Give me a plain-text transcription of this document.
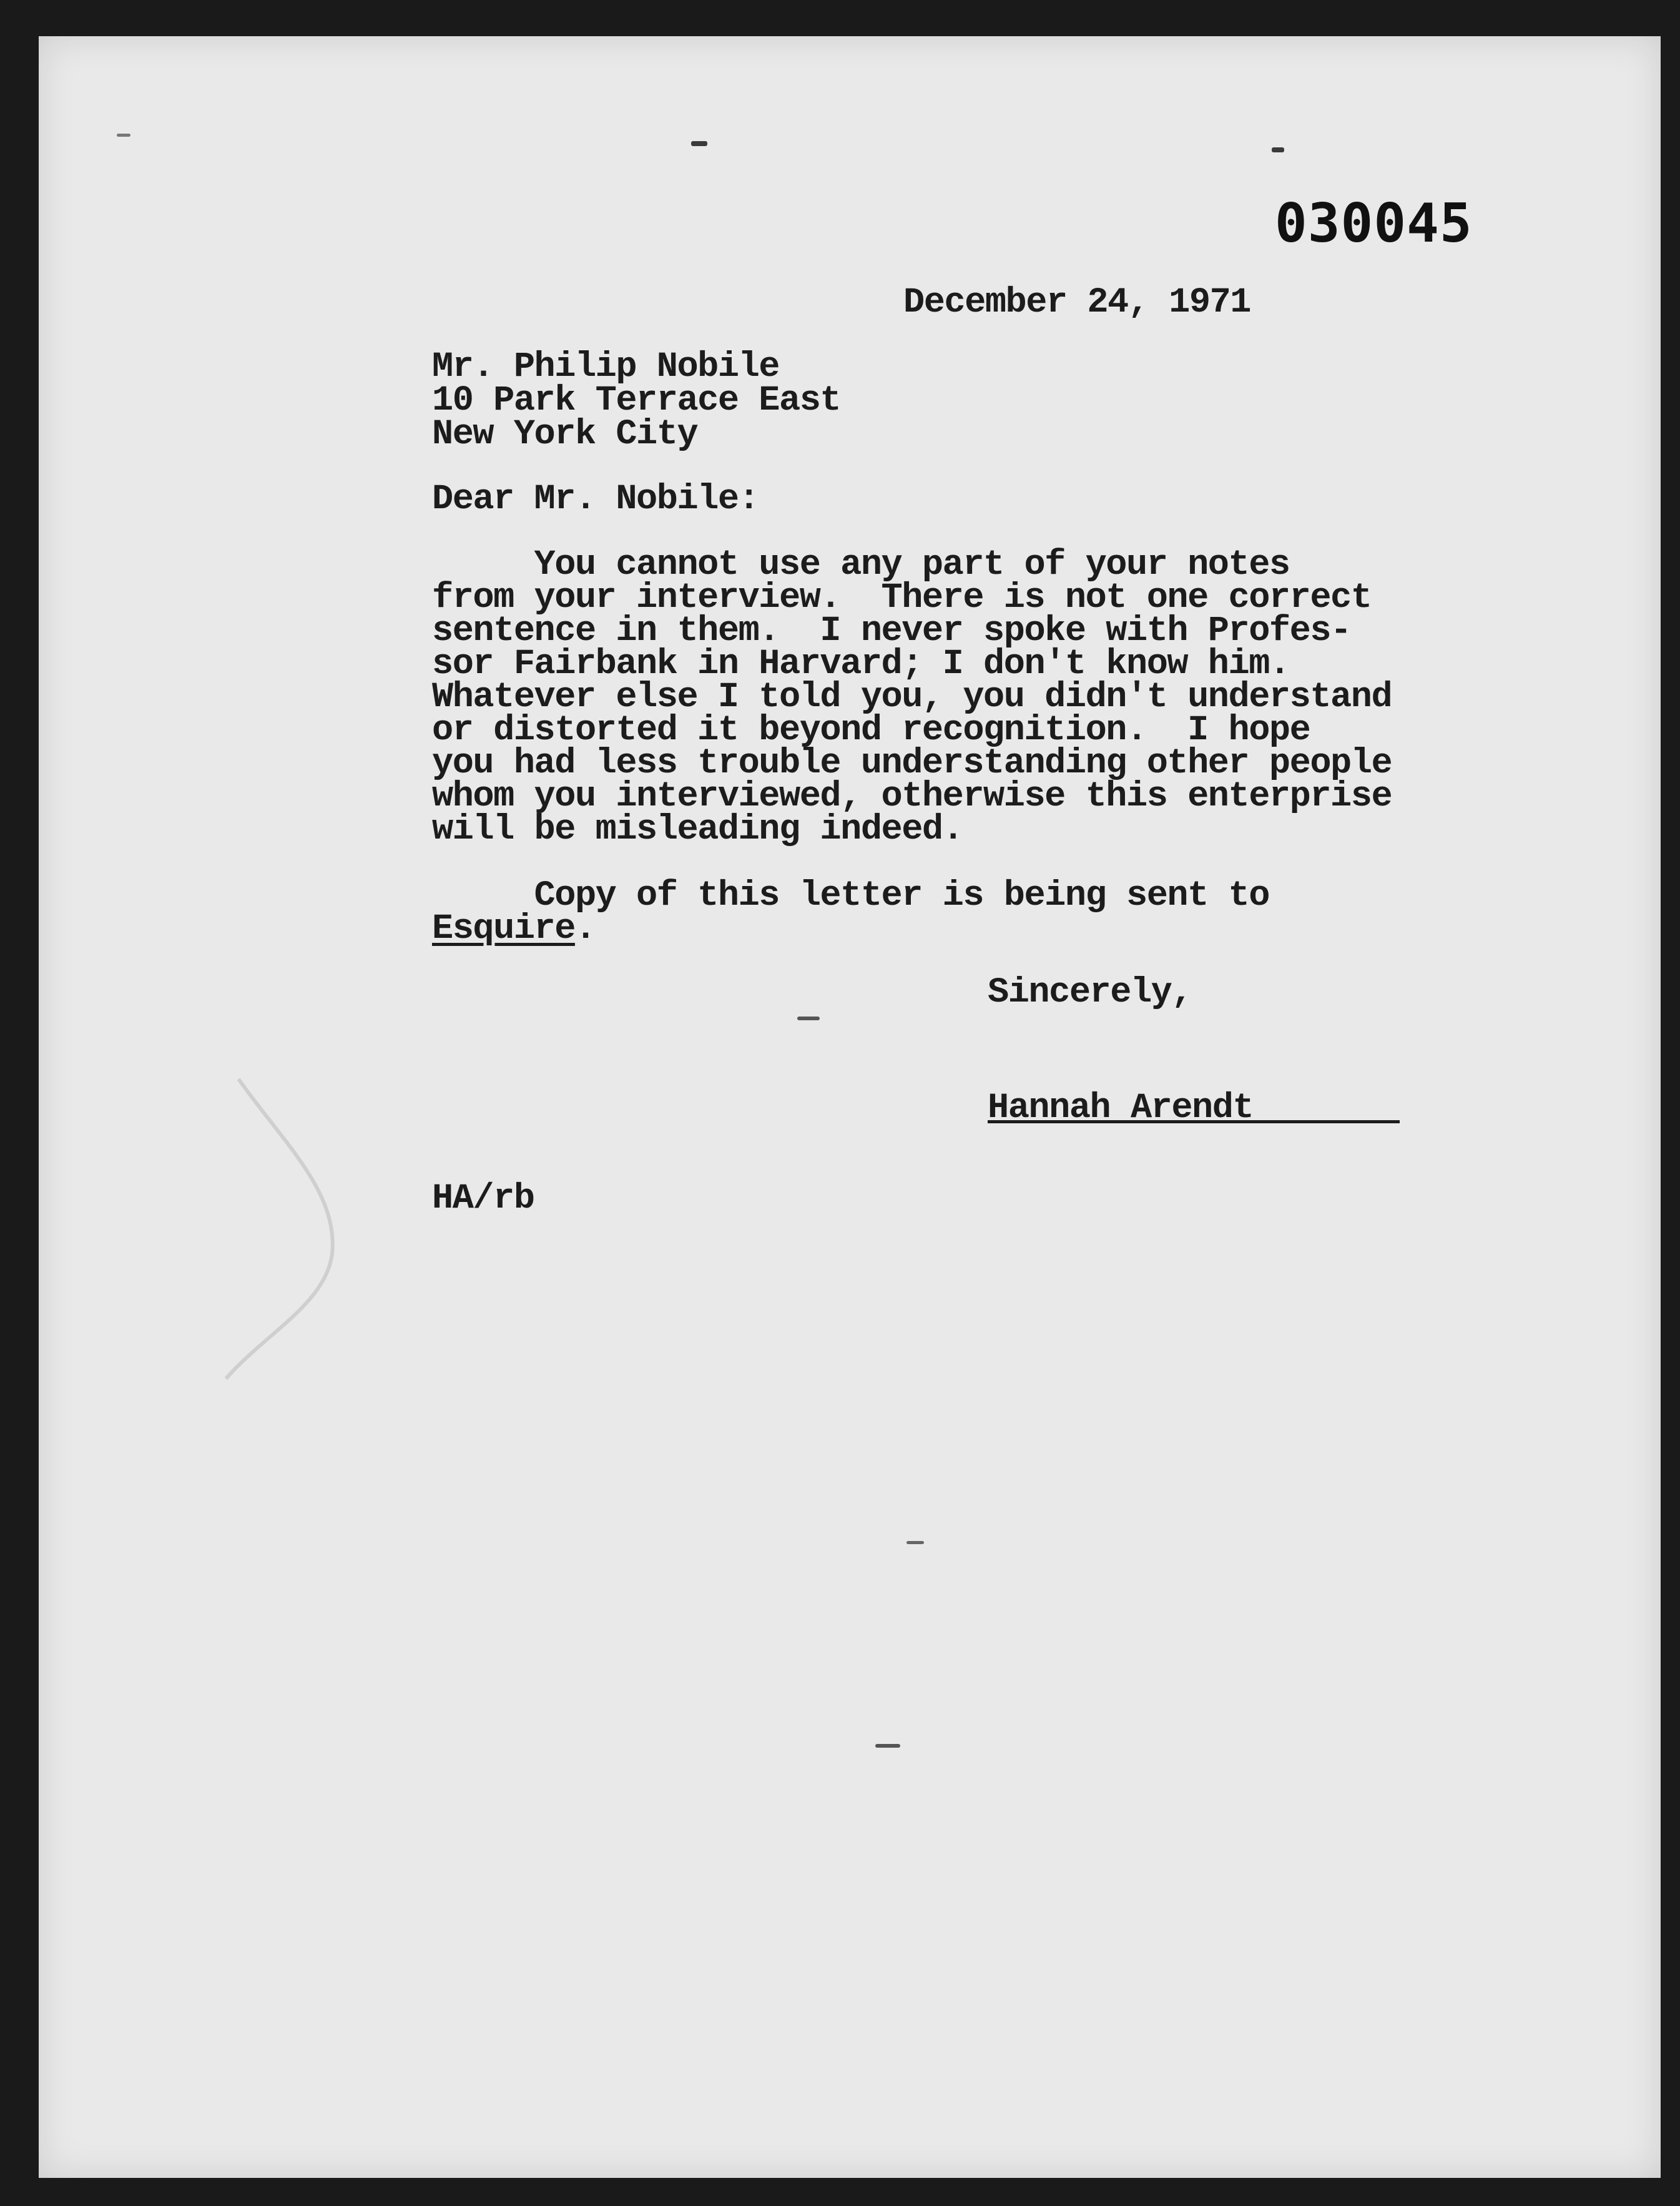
030045
December 24, 1971
Mr. Philip Nobile
10 Park Terrace East
New York City
Dear Mr. Nobile:
You cannot use any part of your notes
from your interview.  There is not one correct
sentence in them.  I never spoke with Profes-
sor Fairbank in Harvard; I don't know him.
Whatever else I told you, you didn't understand
or distorted it beyond recognition.  I hope
you had less trouble understanding other people
whom you interviewed, otherwise this enterprise
will be misleading indeed.
Copy of this letter is being sent to
Esquire.
Sincerely,
Hannah Arendt
HA/rb
